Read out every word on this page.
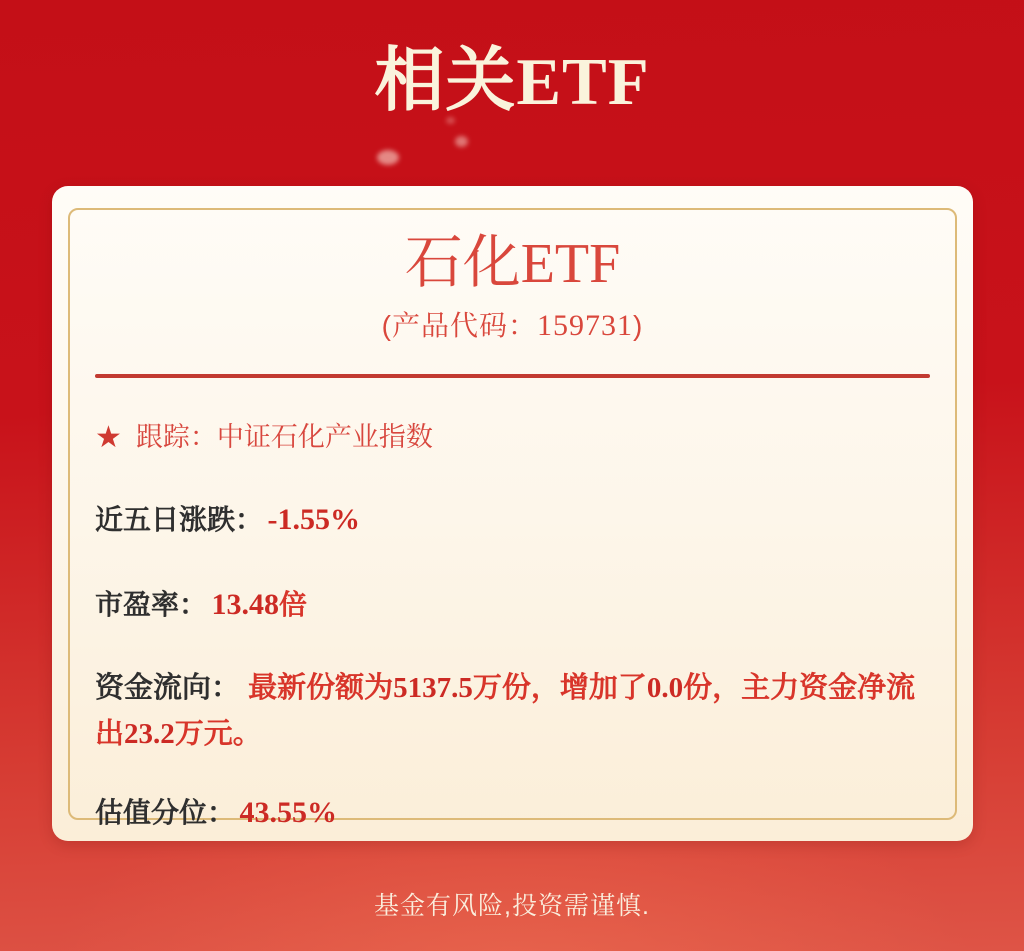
相关ETF
石化ETF
(产品代码：159731)
★ 跟踪：中证石化产业指数
近五日涨跌： -1.55%
市盈率： 13.48倍
资金流向： 最新份额为5137.5万份，增加了0.0份，主力资金净流出23.2万元。
估值分位： 43.55%
基金有风险,投资需谨慎.
